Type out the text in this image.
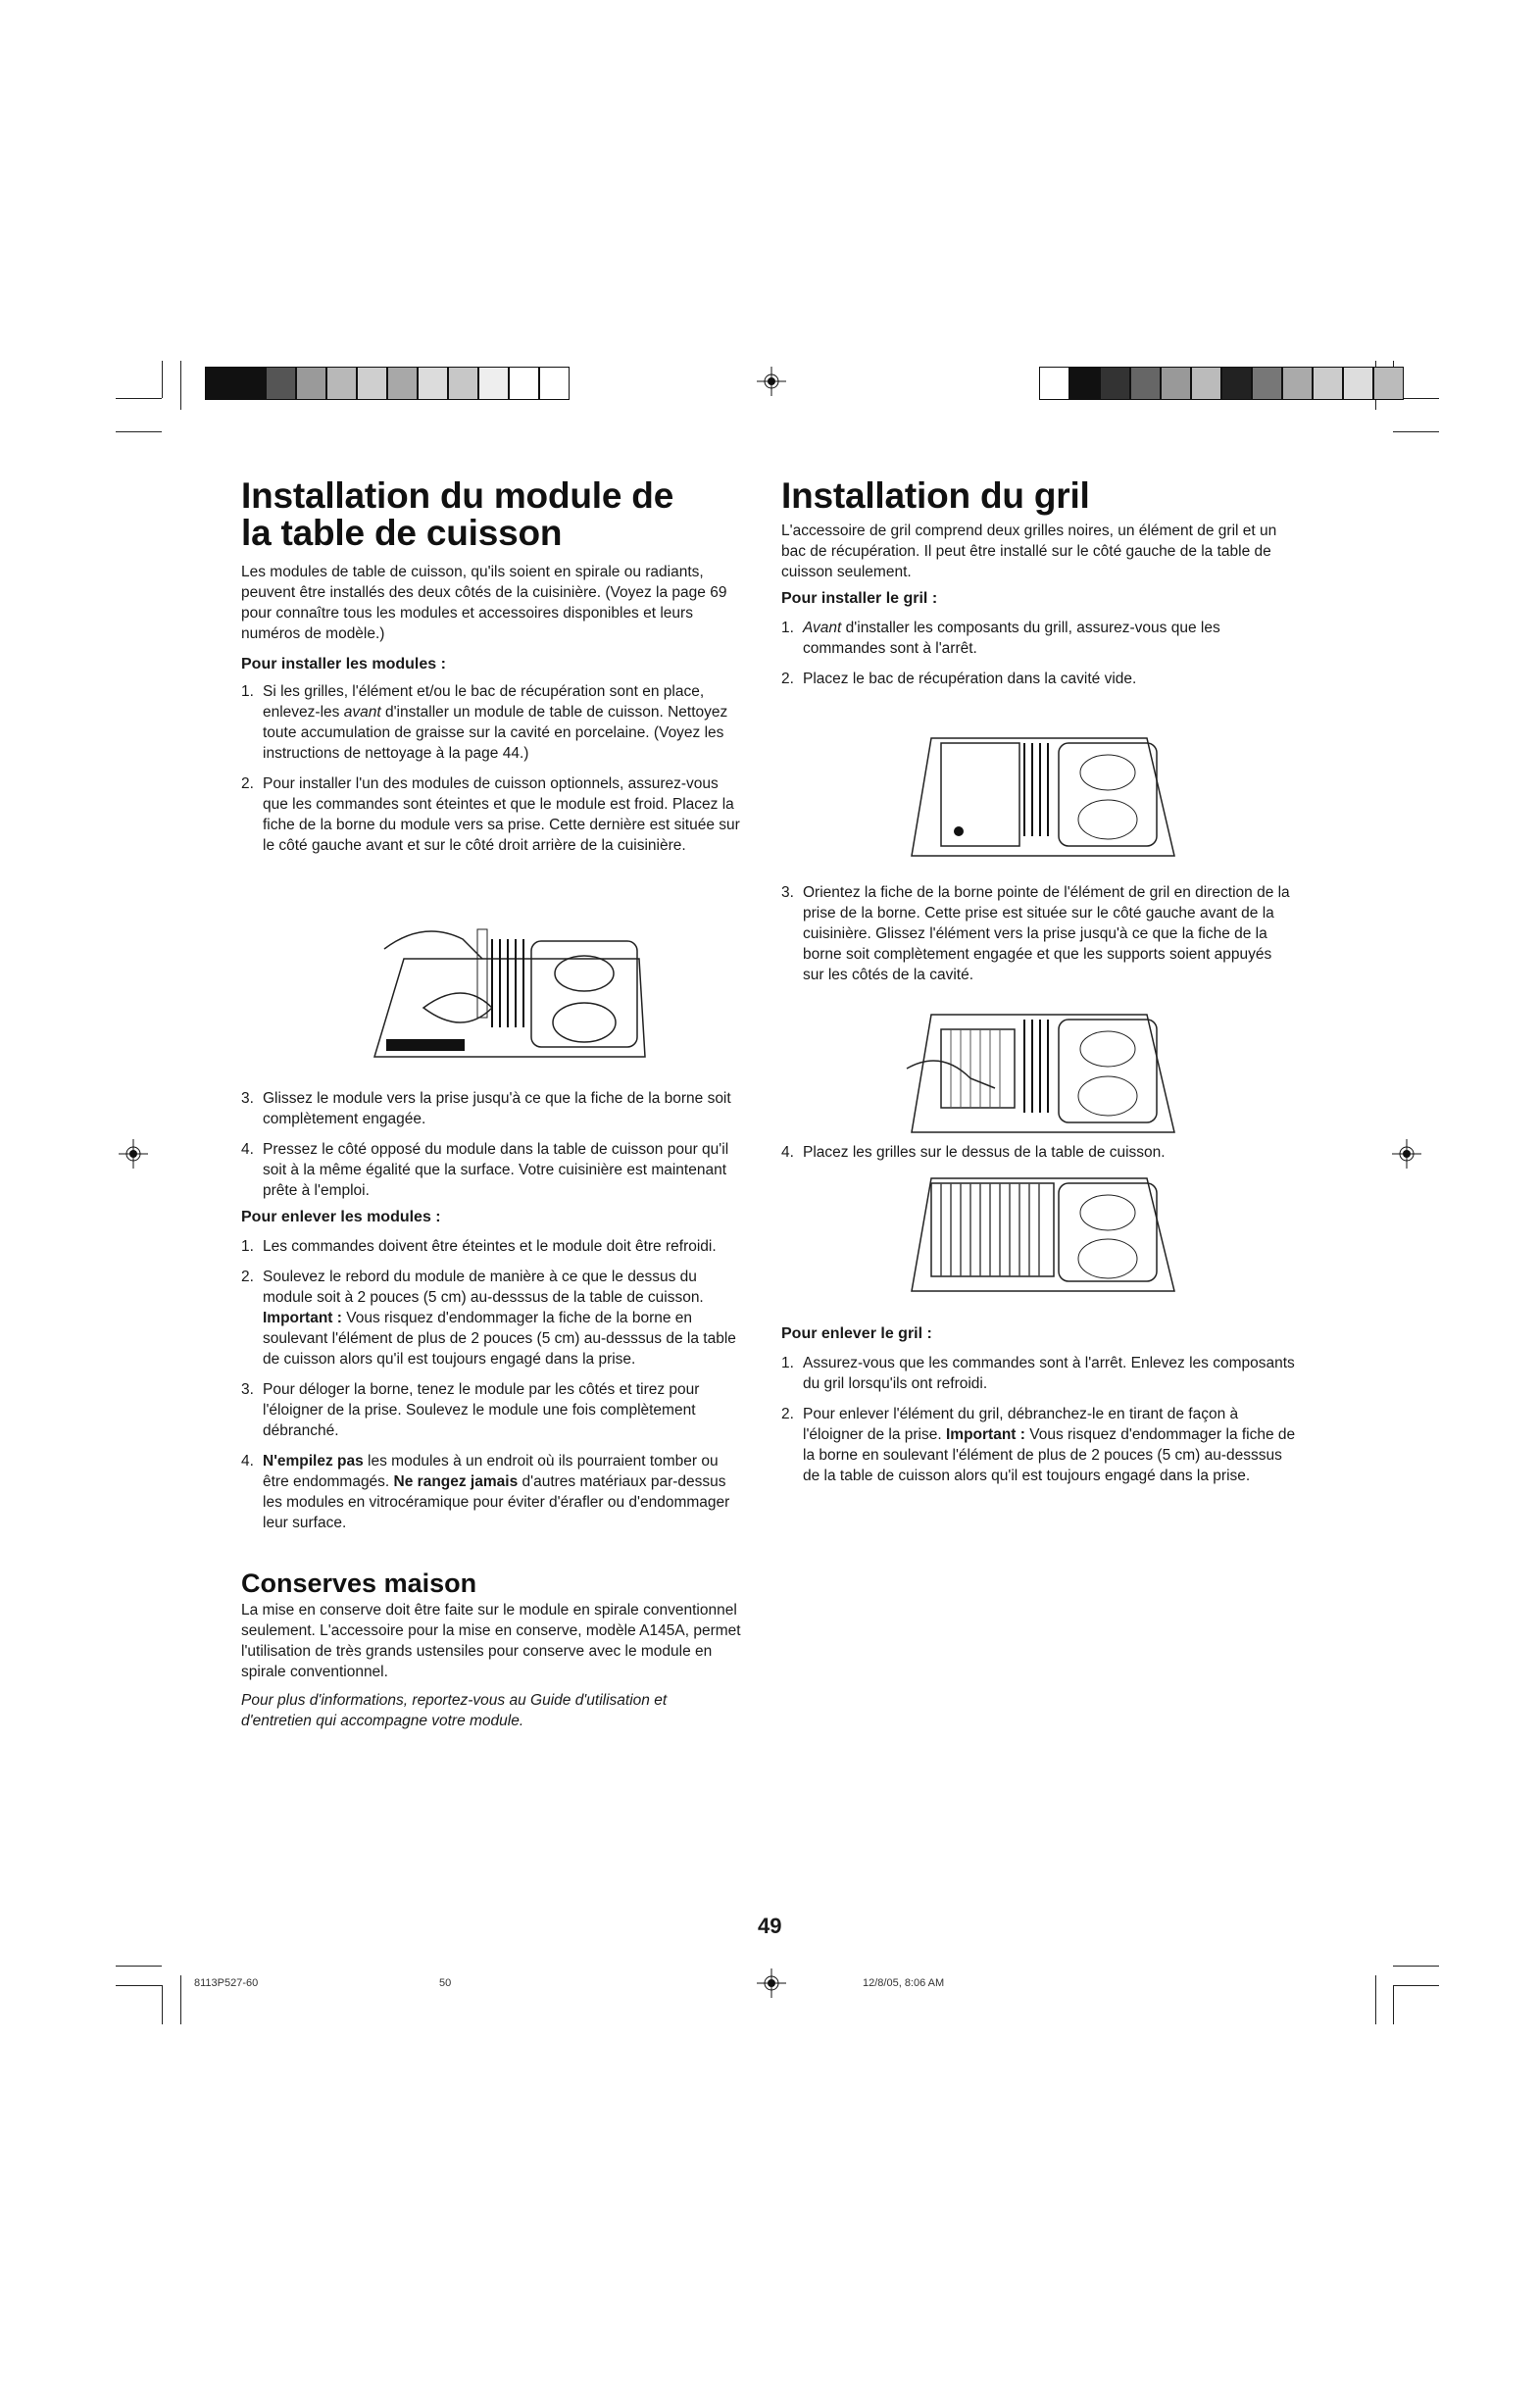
Installation du module de la table de cuisson

Les modules de table de cuisson, qu'ils soient en spirale ou radiants, peuvent être installés des deux côtés de la cuisinière. (Voyez la page 69 pour connaître tous les modules et accessoires disponibles et leurs numéros de modèle.)

Pour installer les modules :
1. Si les grilles, l'élément et/ou le bac de récupération sont en place, enlevez-les avant d'installer un module de table de cuisson. Nettoyez toute accumulation de graisse sur la cavité en porcelaine. (Voyez les instructions de nettoyage à la page 44.)
2. Pour installer l'un des modules de cuisson optionnels, assurez-vous que les commandes sont éteintes et que le module est froid. Placez la fiche de la borne du module vers sa prise. Cette dernière est située sur le côté gauche avant et sur le côté droit arrière de la cuisinière.
3. Glissez le module vers la prise jusqu'à ce que la fiche de la borne soit complètement engagée.
4. Pressez le côté opposé du module dans la table de cuisson pour qu'il soit à la même égalité que la surface. Votre cuisinière est maintenant prête à l'emploi.
Pour enlever les modules :
1. Les commandes doivent être éteintes et le module doit être refroidi.
2. Soulevez le rebord du module de manière à ce que le dessus du module soit à 2 pouces (5 cm) au-desssus de la table de cuisson. Important : Vous risquez d'endommager la fiche de la borne en soulevant l'élément de plus de 2 pouces (5 cm) au-desssus de la table de cuisson alors qu'il est toujours engagé dans la prise.
3. Pour déloger la borne, tenez le module par les côtés et tirez pour l'éloigner de la prise. Soulevez le module une fois complètement débranché.
4. N'empilez pas les modules à un endroit où ils pourraient tomber ou être endommagés. Ne rangez jamais d'autres matériaux par-dessus les modules en vitrocéramique pour éviter d'érafler ou d'endommager leur surface.
Conserves maison

La mise en conserve doit être faite sur le module en spirale conventionnel seulement. L'accessoire pour la mise en conserve, modèle A145A, permet l'utilisation de très grands ustensiles pour conserve avec le module en spirale conventionnel.

Pour plus d'informations, reportez-vous au Guide d'utilisation et d'entretien qui accompagne votre module.

Installation du gril

L'accessoire de gril comprend deux grilles noires, un élément de gril et un bac de récupération. Il peut être installé sur le côté gauche de la table de cuisson seulement.

Pour installer le gril :
1. Avant d'installer les composants du grill, assurez-vous que les commandes sont à l'arrêt.
2. Placez le bac de récupération dans la cavité vide.
3. Orientez la fiche de la borne pointe de l'élément de gril en direction de la prise de la borne. Cette prise est située sur le côté gauche avant de la cuisinière. Glissez l'élément vers la prise jusqu'à ce que la fiche de la borne soit complètement engagée et que les supports soient appuyés sur les côtés de la cavité.
4. Placez les grilles sur le dessus de la table de cuisson.
Pour enlever le gril :
1. Assurez-vous que les commandes sont à l'arrêt. Enlevez les composants du gril lorsqu'ils ont refroidi.
2. Pour enlever l'élément du gril, débranchez-le en tirant de façon à l'éloigner de la prise. Important : Vous risquez d'endommager la fiche de la borne en soulevant l'élément de plus de 2 pouces (5 cm) au-desssus de la table de cuisson alors qu'il est toujours engagé dans la prise.
49
8113P527-60	50	12/8/05, 8:06 AM
